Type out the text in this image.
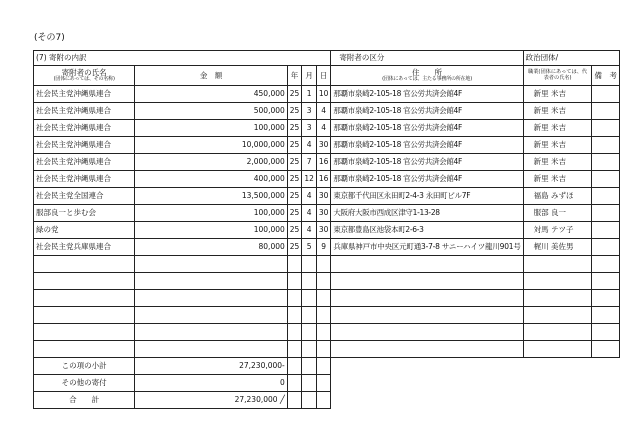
(その7)
(7) 寄附の内訳					寄附者の区分	政治団体/	
寄附者の氏名
(団体にあっては、その名称)	金　額	年	月	日	住　　所
(団体にあっては、主たる事務所の所在地)	職業(団体にあっては、代表者の氏名)	備　考
社会民主党沖縄県連合	450,000	25	1	10	那覇市泉崎2-105-18 官公労共済会館4F	新里 米吉	
社会民主党沖縄県連合	500,000	25	3	4	那覇市泉崎2-105-18 官公労共済会館4F	新里 米吉	
社会民主党沖縄県連合	100,000	25	3	4	那覇市泉崎2-105-18 官公労共済会館4F	新里 米吉	
社会民主党沖縄県連合	10,000,000	25	4	30	那覇市泉崎2-105-18 官公労共済会館4F	新里 米吉	
社会民主党沖縄県連合	2,000,000	25	7	16	那覇市泉崎2-105-18 官公労共済会館4F	新里 米吉	
社会民主党沖縄県連合	400,000	25	12	16	那覇市泉崎2-105-18 官公労共済会館4F	新里 米吉	
社会民主党全国連合	13,500,000	25	4	30	東京都千代田区永田町2-4-3 永田町ビル7F	福島 みずほ	
服部良一と歩む会	100,000	25	4	30	大阪府大阪市西成区津守1-13-28	服部 良一	
緑の党	100,000	25	4	30	東京都豊島区池袋本町2-6-3	対馬 テツ子	
社会民主党兵庫県連合	80,000	25	5	9	兵庫県神戸市中央区元町通3-7-8 サニーハイツ龍川901号	梶川 美佐男	

この項の小計	27,230,000-						
その他の寄付	0						
合　　計	27,230,000 ╱						
